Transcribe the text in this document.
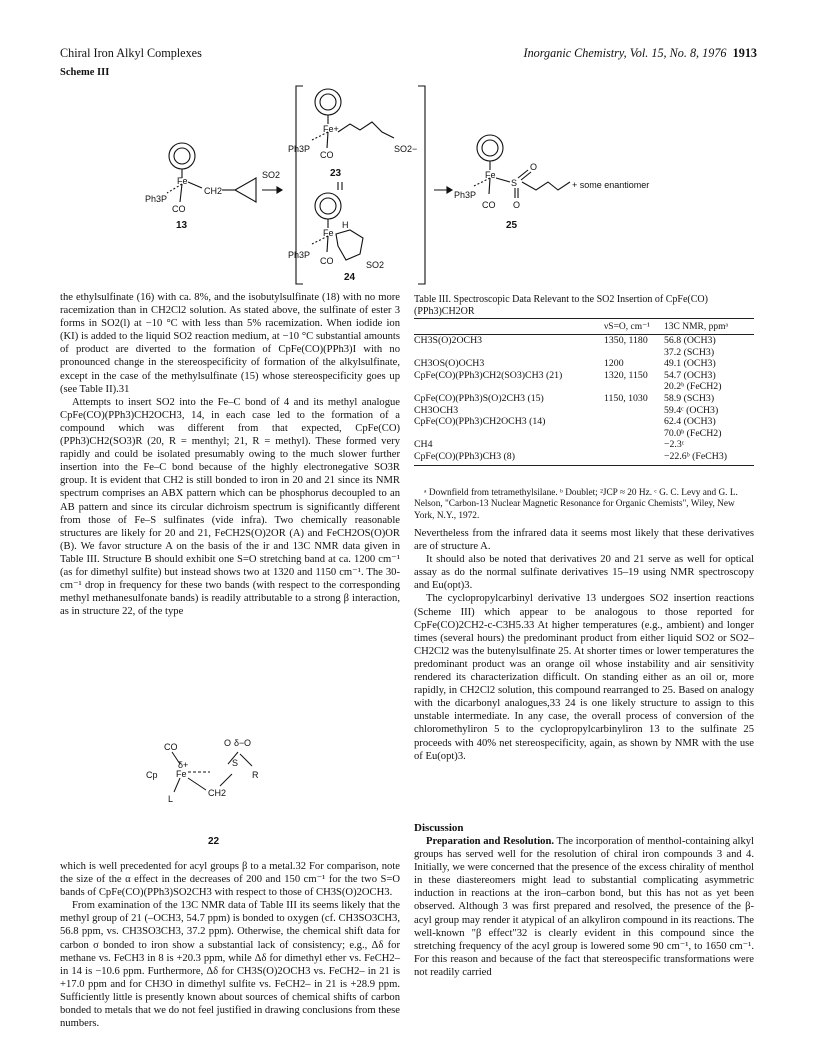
Chiral Iron Alkyl Complexes	Inorganic Chemistry, Vol. 15, No. 8, 1976 1913
Scheme III
Fe
Ph3P
CO
CH2
SO2
Fe+
Ph3P
CO
SO2−
Fe
Ph3P
CO
H
SO2
Fe
Ph3P
CO
S
O
O
13
23
24
25
+ some enantiomer

the ethylsulfinate (16) with ca. 8%, and the isobutylsulfinate (18) with no more racemization than in CH2Cl2 solution. As stated above, the sulfinate of ester 3 forms in SO2(l) at −10 °C with less than 5% racemization. When iodide ion (KI) is added to the liquid SO2 reaction medium, at −10 °C substantial amounts of product are diverted to the formation of CpFe(CO)(PPh3)I with no pronounced change in the stereospecificity of formation of the alkylsulfinate, except in the case of the methylsulfinate (15) whose stereospecificity goes up (see Table II).31

Attempts to insert SO2 into the Fe–C bond of 4 and its methyl analogue CpFe(CO)(PPh3)CH2OCH3, 14, in each case led to the formation of a compound which was different from that expected, CpFe(CO)(PPh3)CH2(SO3)R (20, R = menthyl; 21, R = methyl). These formed very rapidly and could be isolated presumably owing to the much slower further insertion into the Fe–C bond because of the highly electronegative SO3R group. It is evident that CH2 is still bonded to iron in 20 and 21 since its NMR spectrum comprises an ABX pattern which can be phosphorus decoupled to an AB pattern and since its circular dichroism spectrum is significantly different from those of Fe–S sulfinates (vide infra). Two chemically reasonable structures are likely for 20 and 21, FeCH2S(O)2OR (A) and FeCH2OS(O)OR (B). We favor structure A on the basis of the ir and 13C NMR data given in Table III. Structure B should exhibit one S=O stretching band at ca. 1200 cm⁻¹ (as for dimethyl sulfite) but instead shows two at 1320 and 1150 cm⁻¹. The 30-cm⁻¹ drop in frequency for these two bands (with respect to the corresponding methyl methanesulfonate bands) is readily attributable to a strong β interaction, as in structure 22, of the type

CO
Cp Fe
δ+
L
S
O O
δ−
R
CH2
22

which is well precedented for acyl groups β to a metal.32 For comparison, note the size of the α effect in the decreases of 200 and 150 cm⁻¹ for the two S=O bands of CpFe(CO)(PPh3)SO2CH3 with respect to those of CH3S(O)2OCH3.

From examination of the 13C NMR data of Table III its seems likely that the methyl group of 21 (–OCH3, 54.7 ppm) is bonded to oxygen (cf. CH3SO3CH3, 56.8 ppm, vs. CH3SO3CH3, 37.2 ppm). Otherwise, the chemical shift data for carbon σ bonded to iron show a substantial lack of consistency; e.g., Δδ for methane vs. FeCH3 in 8 is +20.3 ppm, while Δδ for dimethyl ether vs. FeCH2– in 14 is −10.6 ppm. Furthermore, Δδ for CH3S(O)2OCH3 vs. FeCH2– in 21 is +17.0 ppm and for CH3O in dimethyl sulfite vs. FeCH2– in 21 is +28.9 ppm. Sufficiently little is presently known about sources of chemical shifts of carbon bonded to metals that we do not feel justified in drawing conclusions from these numbers.

Table III. Spectroscopic Data Relevant to the SO2 Insertion of CpFe(CO)(PPh3)CH2OR
	νS=O, cm⁻¹	13C NMR, ppmᵃ
CH3S(O)2OCH3	1350, 1180	56.8 (OCH3)
		37.2 (SCH3)
CH3OS(O)OCH3	1200	49.1 (OCH3)
CpFe(CO)(PPh3)CH2(SO3)CH3 (21)	1320, 1150	54.7 (OCH3)
		20.2ᵇ (FeCH2)
CpFe(CO)(PPh3)S(O)2CH3 (15)	1150, 1030	58.9 (SCH3)
CH3OCH3		59.4ᶜ (OCH3)
CpFe(CO)(PPh3)CH2OCH3 (14)		62.4 (OCH3)
		70.0ᵇ (FeCH2)
CH4		−2.3ᶜ
CpFe(CO)(PPh3)CH3 (8)		−22.6ᵇ (FeCH3)

ᵃ Downfield from tetramethylsilane. ᵇ Doublet; ²JCP ≈ 20 Hz. ᶜ G. C. Levy and G. L. Nelson, "Carbon-13 Nuclear Magnetic Resonance for Organic Chemists", Wiley, New York, N.Y., 1972.

Nevertheless from the infrared data it seems most likely that these derivatives are of structure A.

It should also be noted that derivatives 20 and 21 serve as well for optical assay as do the normal sulfinate derivatives 15–19 using NMR spectroscopy and Eu(opt)3.

The cyclopropylcarbinyl derivative 13 undergoes SO2 insertion reactions (Scheme III) which appear to be analogous to those reported for CpFe(CO)2CH2-c-C3H5.33 At higher temperatures (e.g., ambient) and longer times (several hours) the predominant product from either liquid SO2 or SO2–CH2Cl2 was the butenylsulfinate 25. At shorter times or lower temperatures the predominant product was an orange oil whose instability and air sensitivity rendered its characterization difficult. On standing either as an oil or, more rapidly, in CH2Cl2 solution, this compound rearranged to 25. Based on analogy with the dicarbonyl analogues,33 24 is one likely structure to assign to this unstable intermediate. In any case, the overall process of conversion of the chloromethyliron 5 to the cyclopropylcarbinyliron 13 to the sulfinate 25 proceeds with 40% net stereospecificity, again, as shown by NMR with the use of Eu(opt)3.

Discussion

Preparation and Resolution. The incorporation of menthol-containing alkyl groups has served well for the resolution of chiral iron compounds 3 and 4. Initially, we were concerned that the presence of the excess chirality of menthol in these diastereomers might lead to substantial complicating asymmetric induction in reactions at the iron–carbon bond, but this has not as yet been observed. Although 3 was first prepared and resolved, the presence of the β-acyl group may render it atypical of an alkyliron compound in its reactions. The well-known "β effect"32 is clearly evident in this compound since the stretching frequency of the acyl group is lowered some 90 cm⁻¹, to 1650 cm⁻¹. For this reason and because of the fact that stereospecific transformations were not readily carried
